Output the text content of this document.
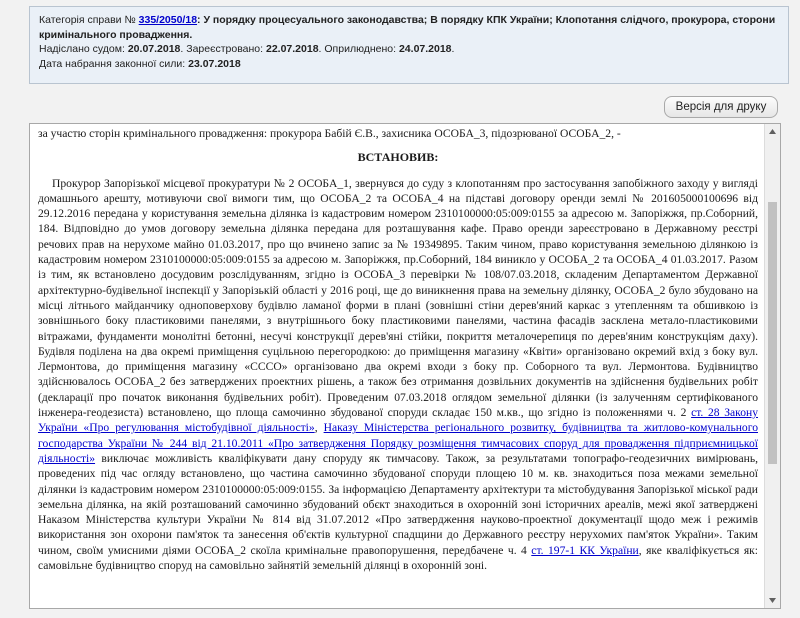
Категорія справи № 335/2050/18: У порядку процесуального законодавства; В порядку КПК України; Клопотання слідчого, прокурора, сторони кримінального провадження.
Надіслано судом: 20.07.2018. Зареєстровано: 22.07.2018. Оприлюднено: 24.07.2018.
Дата набрання законної сили: 23.07.2018
Версія для друку

за участю сторін кримінального провадження: прокурора Бабій Є.В., захисника ОСОБА_3, підозрюваної ОСОБА_2, -

ВСТАНОВИВ:

Прокурор Запорізької місцевої прокуратури № 2 ОСОБА_1, звернувся до суду з клопотанням про застосування запобіжного заходу у вигляді домашнього арешту, мотивуючи свої вимоги тим, що ОСОБА_2 та ОСОБА_4 на підставі договору оренди землі № 201605000100696 від 29.12.2016 передана у користування земельна ділянка із кадастровим номером 2310100000:05:009:0155 за адресою м. Запоріжжя, пр.Соборний, 184. Відповідно до умов договору земельна ділянка передана для розташування кафе. Право оренди зареєстровано в Державному реєстрі речових прав на нерухоме майно 01.03.2017, про що вчинено запис за № 19349895. Таким чином, право користування земельною ділянкою із кадастровим номером 2310100000:05:009:0155 за адресою м. Запоріжжя, пр.Соборний, 184 виникло у ОСОБА_2 та ОСОБА_4 01.03.2017. Разом із тим, як встановлено досудовим розслідуванням, згідно із ОСОБА_3 перевірки № 108/07.03.2018, складеним Департаментом Державної архітектурно-будівельної інспекції у Запорізькій області у 2016 році, ще до виникнення права на земельну ділянку, ОСОБА_2 було збудовано на місці літнього майданчику одноповерхову будівлю ламаної форми в плані (зовнішні стіни дерев'яний каркас з утепленням та обшивкою із зовнішнього боку пластиковими панелями, з внутрішнього боку пластиковими панелями, частина фасадів засклена метало-пластиковими вітражами, фундаменти монолітні бетонні, несучі конструкції дерев'яні стійки, покриття металочерепиця по дерев'яним конструкціям даху). Будівля поділена на два окремі приміщення суцільною перегородкою: до приміщення магазину «Квіти» організовано окремий вхід з боку вул. Лермонтова, до приміщення магазину «СССО» організовано два окремі входи з боку пр. Соборного та вул. Лермонтова. Будівництво здійснювалось ОСОБА_2 без затверджених проектних рішень, а також без отримання дозвільних документів на здійснення будівельних робіт (декларації про початок виконання будівельних робіт). Проведеним 07.03.2018 оглядом земельної ділянки (із залученням сертифікованого інженера-геодезиста) встановлено, що площа самочинно збудованої споруди складає 150 м.кв., що згідно із положеннями ч. 2 ст. 28 Закону України «Про регулювання містобудівної діяльності», Наказу Міністерства регіонального розвитку, будівництва та житлово-комунального господарства України № 244 від 21.10.2011 «Про затвердження Порядку розміщення тимчасових споруд для провадження підприємницької діяльності» виключає можливість кваліфікувати дану споруду як тимчасову. Також, за результатами топографо-геодезичних вимірювань, проведених під час огляду встановлено, що частина самочинно збудованої споруди площею 10 м. кв. знаходиться поза межами земельної ділянки із кадастровим номером 2310100000:05:009:0155. За інформацією Департаменту архітектури та містобудування Запорізької міської ради земельна ділянка, на якій розташований самочинно збудований обєкт знаходиться в охоронній зоні історичних ареалів, межі якої затверджені Наказом Міністерства культури України № 814 від 31.07.2012 «Про затвердження науково-проектної документації щодо меж і режимів використання зон охорони пам'яток та занесення об'єктів культурної спадщини до Державного реєстру нерухомих пам'яток України». Таким чином, своїм умисними діями ОСОБА_2 скоїла кримінальне правопорушення, передбачене ч. 4 ст. 197-1 КК України, яке кваліфікується як: самовільне будівництво споруд на самовільно зайнятій земельній ділянці в охоронній зоні.
